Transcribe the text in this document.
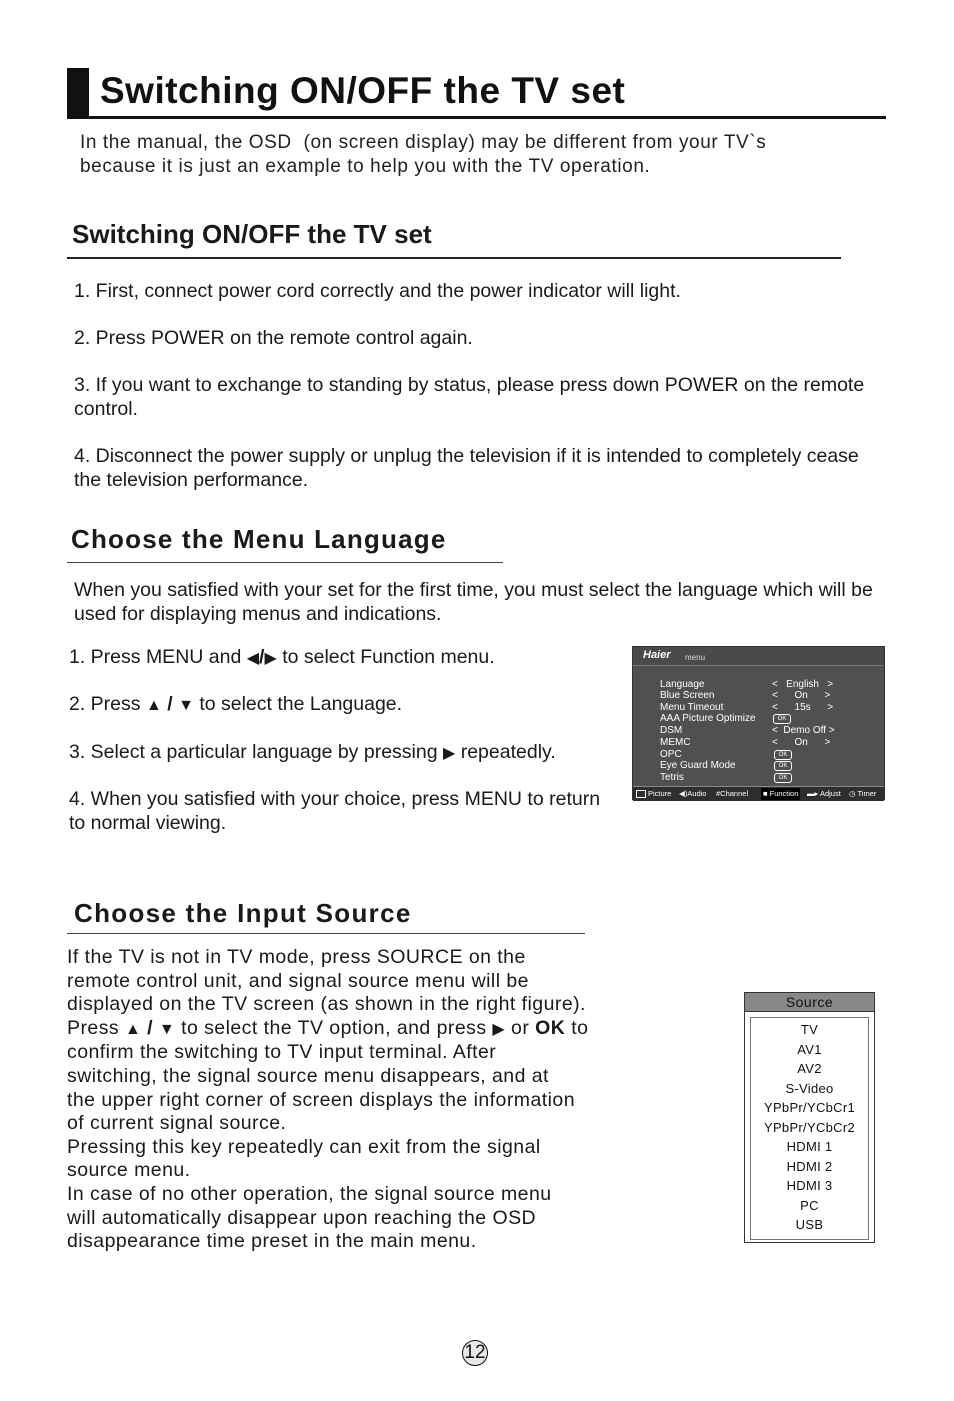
Switching ON/OFF the TV set
In the manual, the OSD  (on screen display) may be different from your TV`s
because it is just an example to help you with the TV operation.
Switching ON/OFF the TV set
1. First, connect power cord correctly and the power indicator will light.
2. Press POWER on the remote control again.
3. If you want to exchange to standing by status, please press down POWER on the remote control.
4. Disconnect the power supply or unplug the television if it is intended to completely cease the television performance.
Choose the Menu Language
When you satisfied with your set for the first time, you must select the language which will be used for displaying menus and indications.
1. Press MENU and ◀/▶ to select Function menu.
2. Press ▲ / ▼ to select the Language.
3. Select a particular language by pressing ▶ repeatedly.
4. When you satisfied with your choice, press MENU to return to normal viewing.
Haier menu
Language	<   English   >
Blue Screen	<      On      >
Menu Timeout	<      15s      >
AAA Picture Optimize	OK
DSM	<  Demo Off >
MEMC	<      On      >
OPC	OK
Eye Guard Mode	OK
Tetris	OK
Picture ◀)Audio #Channel ■ Function ▬▸ Adjust ◷ Timer
Choose the Input Source
If the TV is not in TV mode, press SOURCE on the
remote control unit, and signal source menu will be
displayed on the TV screen (as shown in the right figure).
Press ▲ / ▼ to select the TV option, and press ▶ or OK to
confirm the switching to TV input terminal. After
switching, the signal source menu disappears, and at
the upper right corner of screen displays the information
of current signal source.
Pressing this key repeatedly can exit from the signal
source menu.
In case of no other operation, the signal source menu
will automatically disappear upon reaching the OSD
disappearance time preset in the main menu.
Source
TV
AV1
AV2
S-Video
YPbPr/YCbCr1
YPbPr/YCbCr2
HDMI 1
HDMI 2
HDMI 3
PC
USB
12
